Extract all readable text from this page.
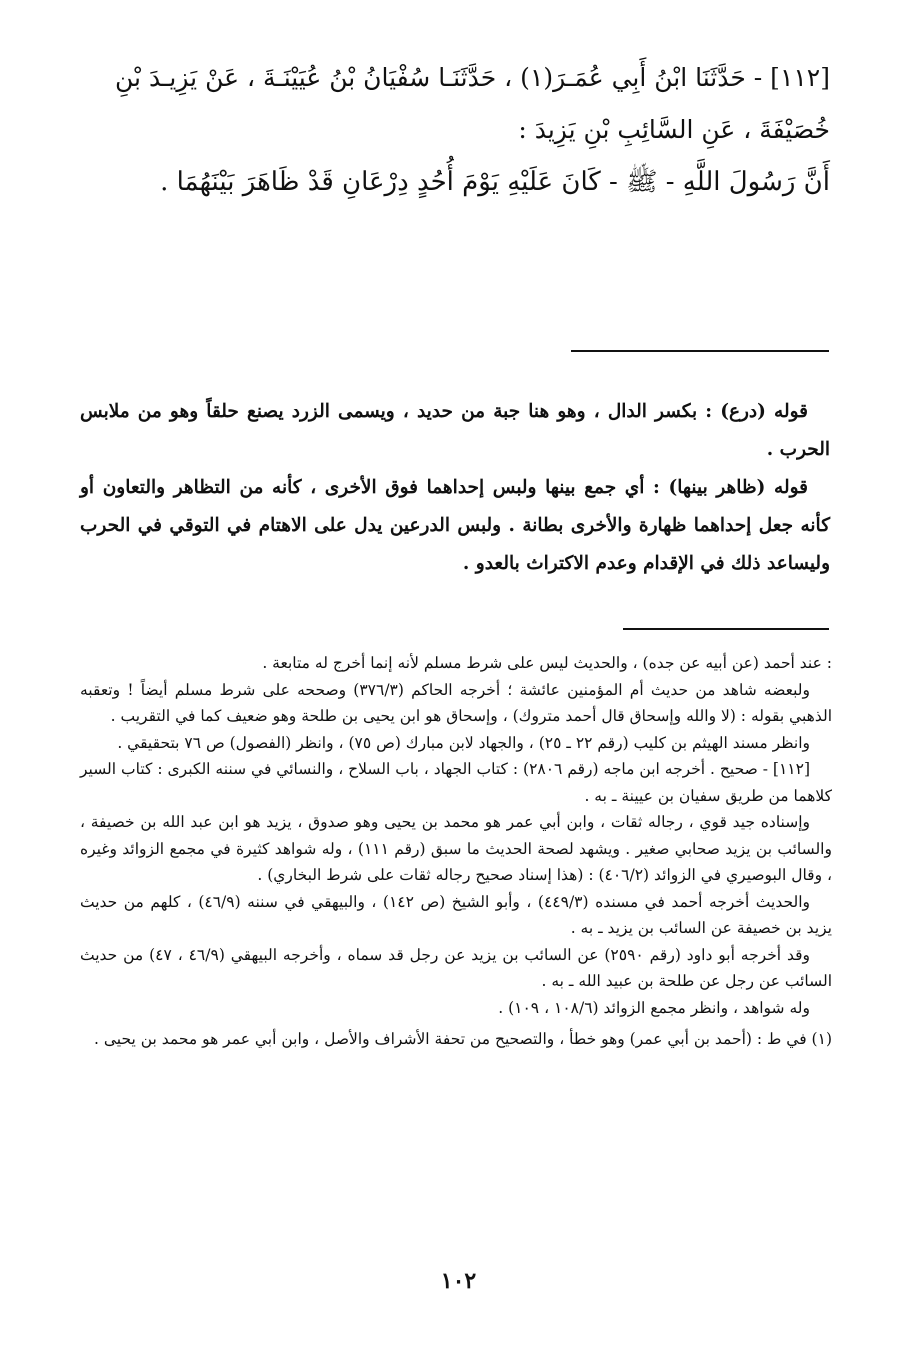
[١١٢] - حَدَّثَنَا ابْنُ أَبِي عُمَـرَ(١) ، حَدَّثَنَـا سُفْيَانُ بْنُ عُيَيْنَـةَ ، عَنْ يَزِيـدَ بْنِ

خُصَيْفَةَ ، عَنِ السَّائِبِ بْنِ يَزِيدَ :

أَنَّ رَسُولَ اللَّهِ - ﷺ - كَانَ عَلَيْهِ يَوْمَ أُحُدٍ دِرْعَانِ قَدْ ظَاهَرَ بَيْنَهُمَا .

قوله (درع) : بكسر الدال ، وهو هنا جبة من حديد ، ويسمى الزرد يصنع حلقاً وهو من ملابس الحرب .

قوله (ظاهر بينها) : أي جمع بينها ولبس إحداهما فوق الأخرى ، كأنه من التظاهر والتعاون أو كأنه جعل إحداهما ظهارة والأخرى بطانة . ولبس الدرعين يدل على الاهتام في التوقي في الحرب وليساعد ذلك في الإقدام وعدم الاكتراث بالعدو .

: عند أحمد (عن أبيه عن جده) ، والحديث ليس على شرط مسلم لأنه إنما أخرج له متابعة .

ولبعضه شاهد من حديث أم المؤمنين عائشة ؛ أخرجه الحاكم (٣٧٦/٣) وصححه على شرط مسلم أيضاً ! وتعقبه الذهبي بقوله : (لا والله وإسحاق قال أحمد متروك) ، وإسحاق هو ابن يحيى بن طلحة وهو ضعيف كما في التقريب .

وانظر مسند الهيثم بن كليب (رقم ٢٢ ـ ٢٥) ، والجهاد لابن مبارك (ص ٧٥) ، وانظر (الفصول) ص ٧٦ بتحقيقي .

[١١٢] - صحيح . أخرجه ابن ماجه (رقم ٢٨٠٦) : كتاب الجهاد ، باب السلاح ، والنسائي في سننه الكبرى : كتاب السير كلاهما من طريق سفيان بن عيينة ـ به .

وإسناده جيد قوي ، رجاله ثقات ، وابن أبي عمر هو محمد بن يحيى وهو صدوق ، يزيد هو ابن عبد الله بن خصيفة ، والسائب بن يزيد صحابي صغير . ويشهد لصحة الحديث ما سبق (رقم ١١١) ، وله شواهد كثيرة في مجمع الزوائد وغيره ، وقال البوصيري في الزوائد (٤٠٦/٢) : (هذا إسناد صحيح رجاله ثقات على شرط البخاري) .

والحديث أخرجه أحمد في مسنده (٤٤٩/٣) ، وأبو الشيخ (ص ١٤٢) ، والبيهقي في سننه (٤٦/٩) ، كلهم من حديث يزيد بن خصيفة عن السائب بن يزيد ـ به .

وقد أخرجه أبو داود (رقم ٢٥٩٠) عن السائب بن يزيد عن رجل قد سماه ، وأخرجه البيهقي (٤٦/٩ ، ٤٧) من حديث السائب عن رجل عن طلحة بن عبيد الله ـ به .

وله شواهد ، وانظر مجمع الزوائد (١٠٨/٦ ، ١٠٩) .

(١) في ط : (أحمد بن أبي عمر) وهو خطأ ، والتصحيح من تحفة الأشراف والأصل ، وابن أبي عمر هو محمد بن يحيى .

١٠٢
